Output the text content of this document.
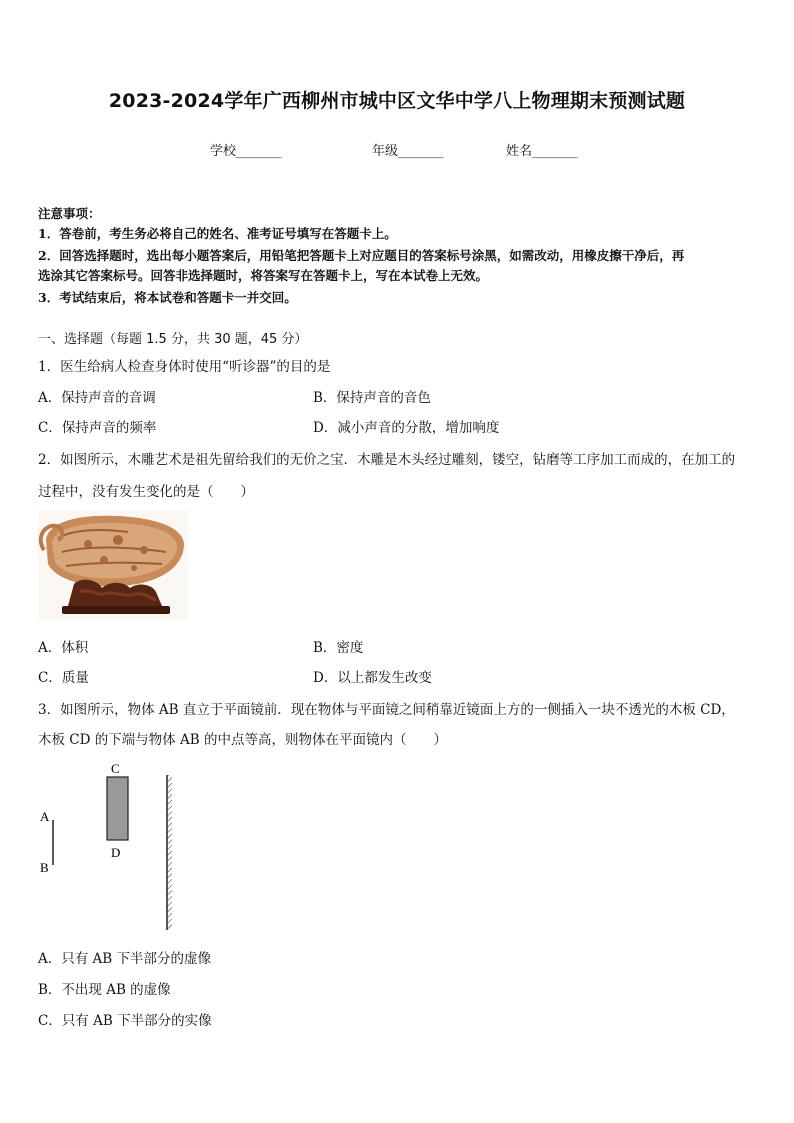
2023-2024学年广西柳州市城中区文华中学八上物理期末预测试题
学校_______	年级_______	姓名_______
注意事项：
1．答卷前，考生务必将自己的姓名、准考证号填写在答题卡上。
2．回答选择题时，选出每小题答案后，用铅笔把答题卡上对应题目的答案标号涂黑，如需改动，用橡皮擦干净后，再
选涂其它答案标号。回答非选择题时，将答案写在答题卡上，写在本试卷上无效。
3．考试结束后，将本试卷和答题卡一并交回。
一、选择题（每题 1.5 分，共 30 题，45 分）
1．医生给病人检查身体时使用“听诊器”的目的是
A．保持声音的音调	B．保持声音的音色
C．保持声音的频率	D．减小声音的分散，增加响度
2．如图所示，木雕艺术是祖先留给我们的无价之宝．木雕是木头经过雕刻，镂空，钻磨等工序加工而成的，在加工的
过程中，没有发生变化的是（　　）
A．体积	B．密度
C．质量	D．以上都发生改变
3．如图所示，物体 AB 直立于平面镜前．现在物体与平面镜之间稍靠近镜面上方的一侧插入一块不透光的木板 CD，
木板 CD 的下端与物体 AB 的中点等高，则物体在平面镜内（　　）
A
B
C
D
A．只有 AB 下半部分的虚像
B．不出现 AB 的虚像
C．只有 AB 下半部分的实像
